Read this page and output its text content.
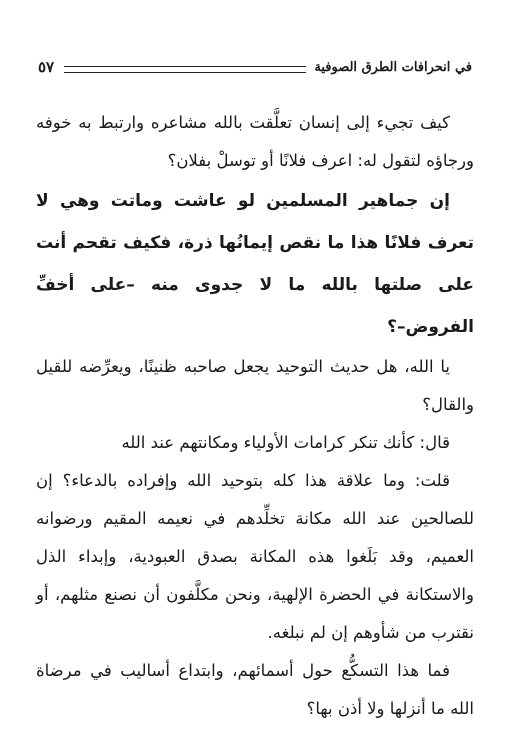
في انحرافات الطرق الصوفية
٥٧

كيف تجيء إلى إنسان تعلَّقت بالله مشاعره وارتبط به خوفه ورجاؤه لتقول له: اعرف فلانًا أو توسلْ بفلان؟

إن جماهير المسلمين لو عاشت وماتت وهي لا تعرف فلانًا هذا ما نقص إيمانُها ذرة، فكيف تقحم أنت على صلتها بالله ما لا جدوى منه –على أخفِّ الفروض–؟

يا الله، هل حديث التوحيد يجعل صاحبه ظنينًا، ويعرِّضه للقيل والقال؟

قال: كأنك تنكر كرامات الأولياء ومكانتهم عند الله

قلت: وما علاقة هذا كله بتوحيد الله وإفراده بالدعاء؟ إن للصالحين عند الله مكانة تخلِّدهم في نعيمه المقيم ورضوانه العميم، وقد بَلَغوا هذه المكانة بصدق العبودية، وإبداء الذل والاستكانة في الحضرة الإلهية، ونحن مكلَّفون أن نصنع مثلهم، أو نقترب من شأوهم إن لم نبلغه.

فما هذا التسكُّع حول أسمائهم، وابتداع أساليب في مرضاة الله ما أنزلها ولا أذن بها؟
